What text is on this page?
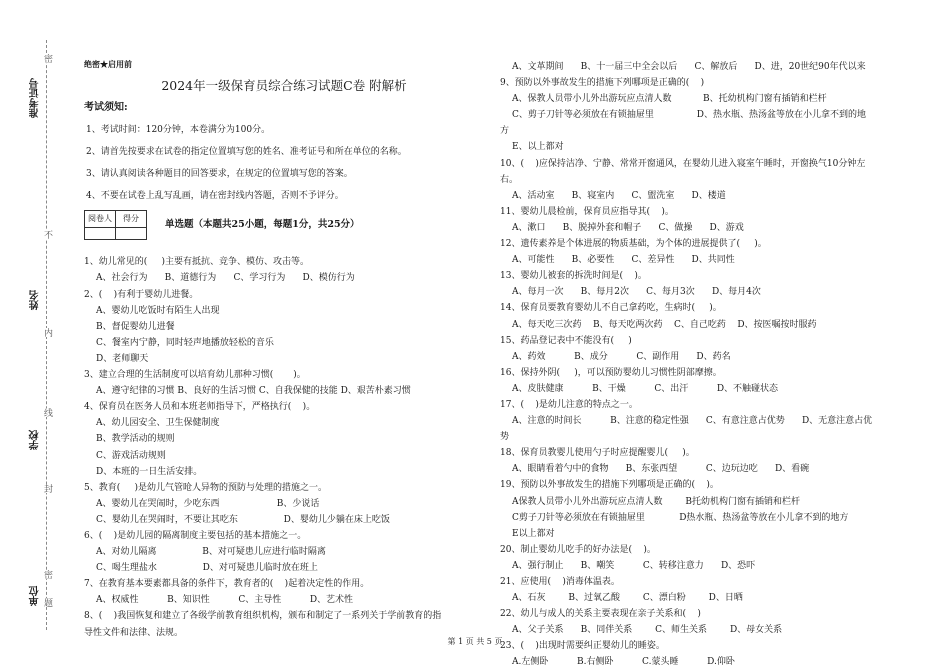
密
不
内
线
封
密
题
准考证号
姓名
学校
单位
绝密★启用前
2024年一级保育员综合练习试题C卷 附解析
考试须知:
1、考试时间：120分钟，本卷满分为100分。
2、请首先按要求在试卷的指定位置填写您的姓名、准考证号和所在单位的名称。
3、请认真阅读各种题目的回答要求，在规定的位置填写您的答案。
4、不要在试卷上乱写乱画，请在密封线内答题，否则不予评分。
阅卷人	得分

单选题（本题共25小题，每题1分，共25分）
1、幼儿常见的(     )主要有抵抗、竞争、模仿、攻击等。
A、社会行为      B、道德行为      C、学习行为      D、模仿行为
2、(    )有利于婴幼儿进餐。
A、婴幼儿吃饭时有陌生人出现
B、督促婴幼儿进餐
C、餐室内宁静，同时轻声地播放轻松的音乐
D、老师聊天
3、建立合理的生活制度可以培育幼儿那种习惯(       )。
A、遵守纪律的习惯 B、良好的生活习惯 C、自我保健的技能 D、艰苦朴素习惯
4、保育员在医务人员和本班老师指导下，严格执行(    )。
A、幼儿园安全、卫生保健制度
B、教学活动的规则
C、游戏活动规则
D、本班的一日生活安排。
5、教育(     )是幼儿气管呛人异物的预防与处理的措施之一。
A、婴幼儿在哭闹时，少吃东西                    B、少说话
C、婴幼儿在哭闹时，不要让其吃东                D、婴幼儿少躺在床上吃饭
6、(    )是幼儿园的隔离制度主要包括的基本措施之一。
A、对幼儿隔离                B、对可疑患儿应进行临时隔离
C、喝生理盐水                D、对可疑患儿临时放在班上
7、在教育基本要素都具备的条件下，教育者的(    )起着决定性的作用。
A、权威性          B、知识性          C、主导性          D、艺术性
8、(    )我国恢复和建立了各级学前教育组织机构，颁布和制定了一系列关于学前教育的指
导性文件和法律、法规。
A、文革期间      B、十一届三中全会以后      C、解放后      D、进，20世纪90年代以来
9、预防以外事故发生的措施下列哪项是正确的(    )
A、保教人员带小儿外出游玩应点清人数           B、托幼机构门窗有插销和栏杆
C、剪子刀针等必须放在有锁抽屉里               D、热水瓶、热汤盆等放在小儿拿不到的地
方
E、以上都对
10、(    )应保持洁净、宁静、常常开窗通风，在婴幼儿进入寝室午睡时，开窗换气10分钟左
右。
A、活动室      B、寝室内      C、盥洗室      D、楼道
11、婴幼儿晨检前，保育员应指导其(    )。
A、漱口      B、脱掉外套和帽子      C、做操      D、游戏
12、遗传素养是个体进展的物质基础，为个体的进展提供了(     )。
A、可能性      B、必要性      C、差异性      D、共同性
13、婴幼儿被套的拆洗时间是(    )。
A、每月一次      B、每月2次      C、每月3次      D、每月4次
14、保育员要教育婴幼儿不自己拿药吃，生病时(     )。
A、每天吃三次药    B、每天吃两次药    C、自己吃药    D、按医嘱按时服药
15、药品登记表中不能没有(     )
A、药效          B、成分          C、副作用      D、药名
16、保持外阴(     )，可以预防婴幼儿习惯性阴部摩擦。
A、皮肤健康          B、干燥          C、出汗          D、不触碰状态
17、(    )是幼儿注意的特点之一。
A、注意的时间长          B、注意的稳定性强      C、有意注意占优势      D、无意注意占优
势
18、保育员教婴儿使用勺子时应提醒婴儿(     )。
A、眼睛看着勺中的食物      B、东张西望          C、边玩边吃      D、看碗
19、预防以外事故发生的措施下列哪项是正确的(    )。
A保教人员带小儿外出游玩应点清人数        B托幼机构门窗有插销和栏杆
C剪子刀针等必须放在有锁抽屉里            D热水瓶、热汤盆等放在小儿拿不到的地方
E以上都对
20、制止婴幼儿吃手的好办法是(    )。
A、强行制止      B、嘲笑          C、转移注意力      D、恐吓
21、应使用(    )消毒体温表。
A、石灰        B、过氧乙酸        C、漂白粉        D、日晒
22、幼儿与成人的关系主要表现在亲子关系和(    )
A、父子关系      B、同伴关系        C、师生关系        D、母女关系
23、(    )出现时需要纠正婴幼儿的睡姿。
A.左侧卧          B.右侧卧          C.蒙头睡          D.仰卧
第 1 页 共 5 页
